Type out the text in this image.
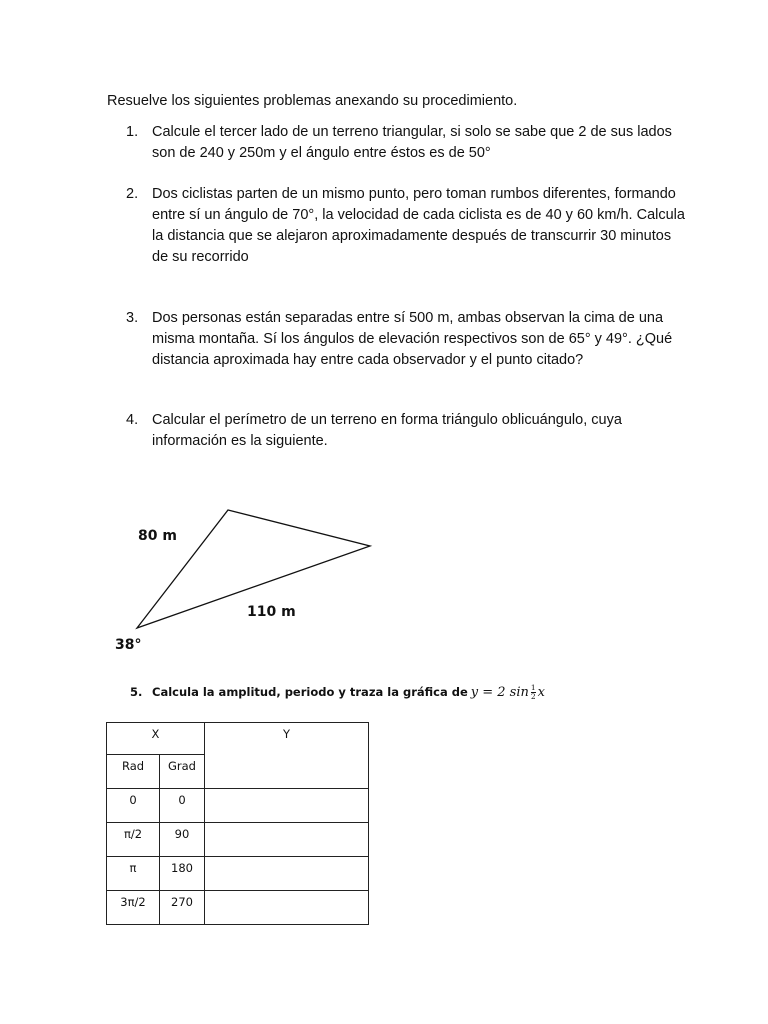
Resuelve los siguientes problemas anexando su procedimiento.

1. Calcule el tercer lado de un terreno triangular, si solo se sabe que 2 de sus lados son de 240 y 250m y el ángulo entre éstos es de 50°
2. Dos ciclistas parten de un mismo punto, pero toman rumbos diferentes, formando entre sí un ángulo de 70°, la velocidad de cada ciclista es de 40 y 60 km/h. Calcula la distancia que se alejaron aproximadamente después de transcurrir 30 minutos de su recorrido
3. Dos personas están separadas entre sí 500 m, ambas observan la cima de una misma montaña. Sí los ángulos de elevación respectivos son de 65° y 49°. ¿Qué distancia aproximada hay entre cada observador y el punto citado?
4. Calcular el perímetro de un terreno en forma triángulo oblicuángulo, cuya información es la siguiente.
80 m
110 m
38°
5. Calcula la amplitud, periodo y traza la gráfica de y = 2 $\sin \frac{1}{2}$ x
X		Y
Rad	Grad	
0	0	
π/2	90	
π	180	
3π/2	270	
